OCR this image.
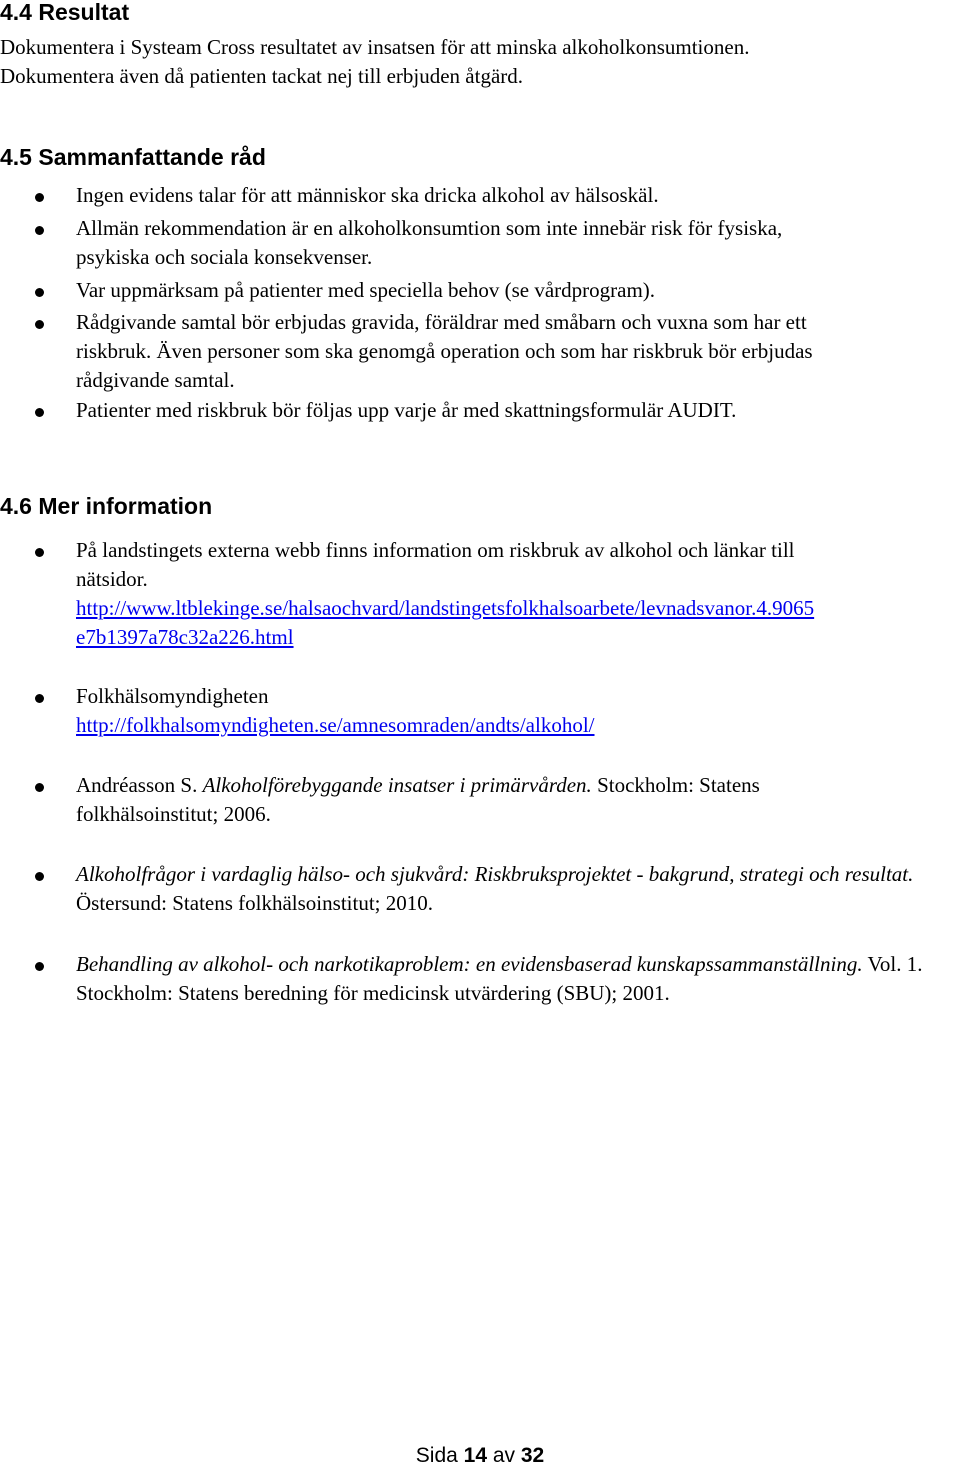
4.4 Resultat

Dokumentera i Systeam Cross resultatet av insatsen för att minska alkoholkonsumtionen.
Dokumentera även då patienten tackat nej till erbjuden åtgärd.

4.5 Sammanfattande råd
Ingen evidens talar för att människor ska dricka alkohol av hälsoskäl.
Allmän rekommendation är en alkoholkonsumtion som inte innebär risk för fysiska,
psykiska och sociala konsekvenser.
Var uppmärksam på patienter med speciella behov (se vårdprogram).
Rådgivande samtal bör erbjudas gravida, föräldrar med småbarn och vuxna som har ett
riskbruk. Även personer som ska genomgå operation och som har riskbruk bör erbjudas
rådgivande samtal.
Patienter med riskbruk bör följas upp varje år med skattningsformulär AUDIT.
4.6 Mer information
På landstingets externa webb finns information om riskbruk av alkohol och länkar till
nätsidor.
http://www.ltblekinge.se/halsaochvard/landstingetsfolkhalsoarbete/levnadsvanor.4.9065
e7b1397a78c32a226.html
Folkhälsomyndigheten
http://folkhalsomyndigheten.se/amnesomraden/andts/alkohol/
Andréasson S. Alkoholförebyggande insatser i primärvården. Stockholm: Statens
folkhälsoinstitut; 2006.
Alkoholfrågor i vardaglig hälso- och sjukvård: Riskbruksprojektet - bakgrund, strategi och resultat.
Östersund: Statens folkhälsoinstitut; 2010.
Behandling av alkohol- och narkotikaproblem: en evidensbaserad kunskapssammanställning. Vol. 1.
Stockholm: Statens beredning för medicinsk utvärdering (SBU); 2001.
Sida 14 av 32
